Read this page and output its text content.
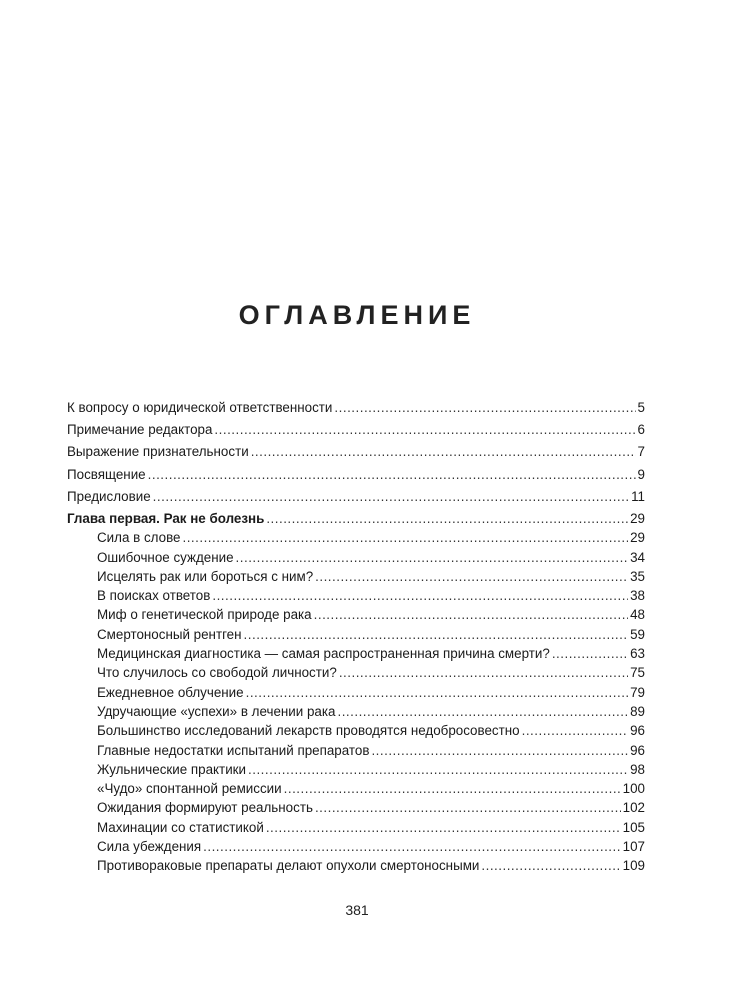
ОГЛАВЛЕНИЕ
К вопросу о юридической ответственности .....	5
Примечание редактора .....	6
Выражение признательности .....	7
Посвящение .....	9
Предисловие .....	11
Глава первая. Рак не болезнь .....	29
Сила в слове .....	29
Ошибочное суждение .....	34
Исцелять рак или бороться с ним? .....	35
В поисках ответов .....	38
Миф о генетической природе рака .....	48
Смертоносный рентген .....	59
Медицинская диагностика — самая распространенная причина смерти? .....	63
Что случилось со свободой личности? .....	75
Ежедневное облучение .....	79
Удручающие «успехи» в лечении рака .....	89
Большинство исследований лекарств проводятся недобросовестно .....	96
Главные недостатки испытаний препаратов .....	96
Жульнические практики .....	98
«Чудо» спонтанной ремиссии .....	100
Ожидания формируют реальность .....	102
Махинации со статистикой .....	105
Сила убеждения .....	107
Противораковые препараты делают опухоли смертоносными .....	109
381
